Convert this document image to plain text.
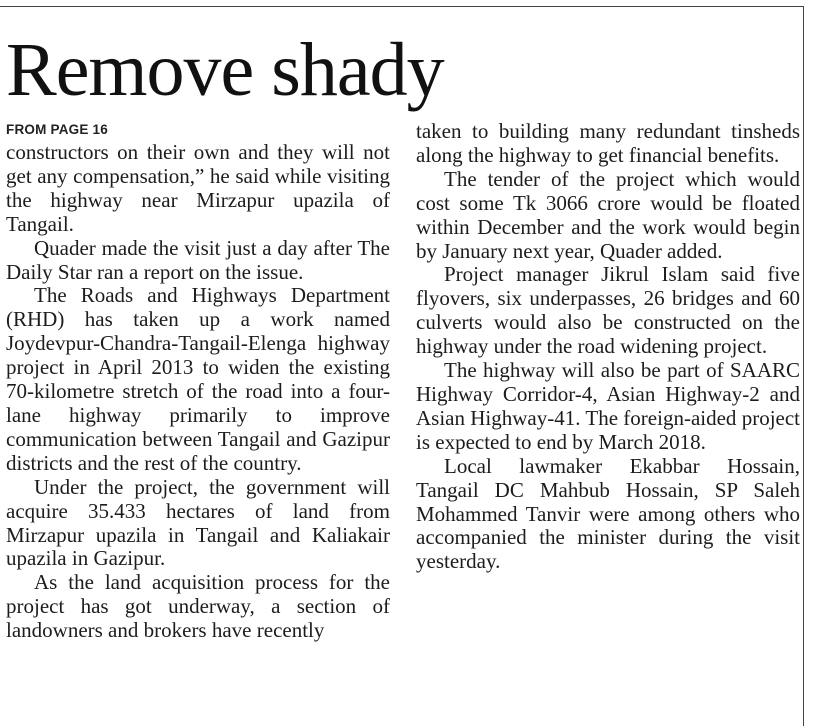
Remove shady
FROM PAGE 16

constructors on their own and they will not get any compensation,” he said while visiting the highway near Mirzapur upazila of Tangail.

Quader made the visit just a day after The Daily Star ran a report on the issue.

The Roads and Highways Department (RHD) has taken up a work named Joydevpur-Chandra-Tangail-Elenga highway project in April 2013 to widen the existing 70-kilometre stretch of the road into a four-lane highway primarily to improve communication between Tangail and Gazipur districts and the rest of the country.

Under the project, the government will acquire 35.433 hectares of land from Mirzapur upazila in Tangail and Kaliakair upazila in Gazipur.

As the land acquisition process for the project has got underway, a section of landowners and brokers have recently

taken to building many redundant tinsheds along the highway to get financial benefits.

The tender of the project which would cost some Tk 3066 crore would be floated within December and the work would begin by January next year, Quader added.

Project manager Jikrul Islam said five flyovers, six underpasses, 26 bridges and 60 culverts would also be constructed on the highway under the road widening project.

The highway will also be part of SAARC Highway Corridor-4, Asian Highway-2 and Asian Highway-41. The foreign-aided project is expected to end by March 2018.

Local lawmaker Ekabbar Hossain, Tangail DC Mahbub Hossain, SP Saleh Mohammed Tanvir were among others who accompanied the minister during the visit yesterday.
